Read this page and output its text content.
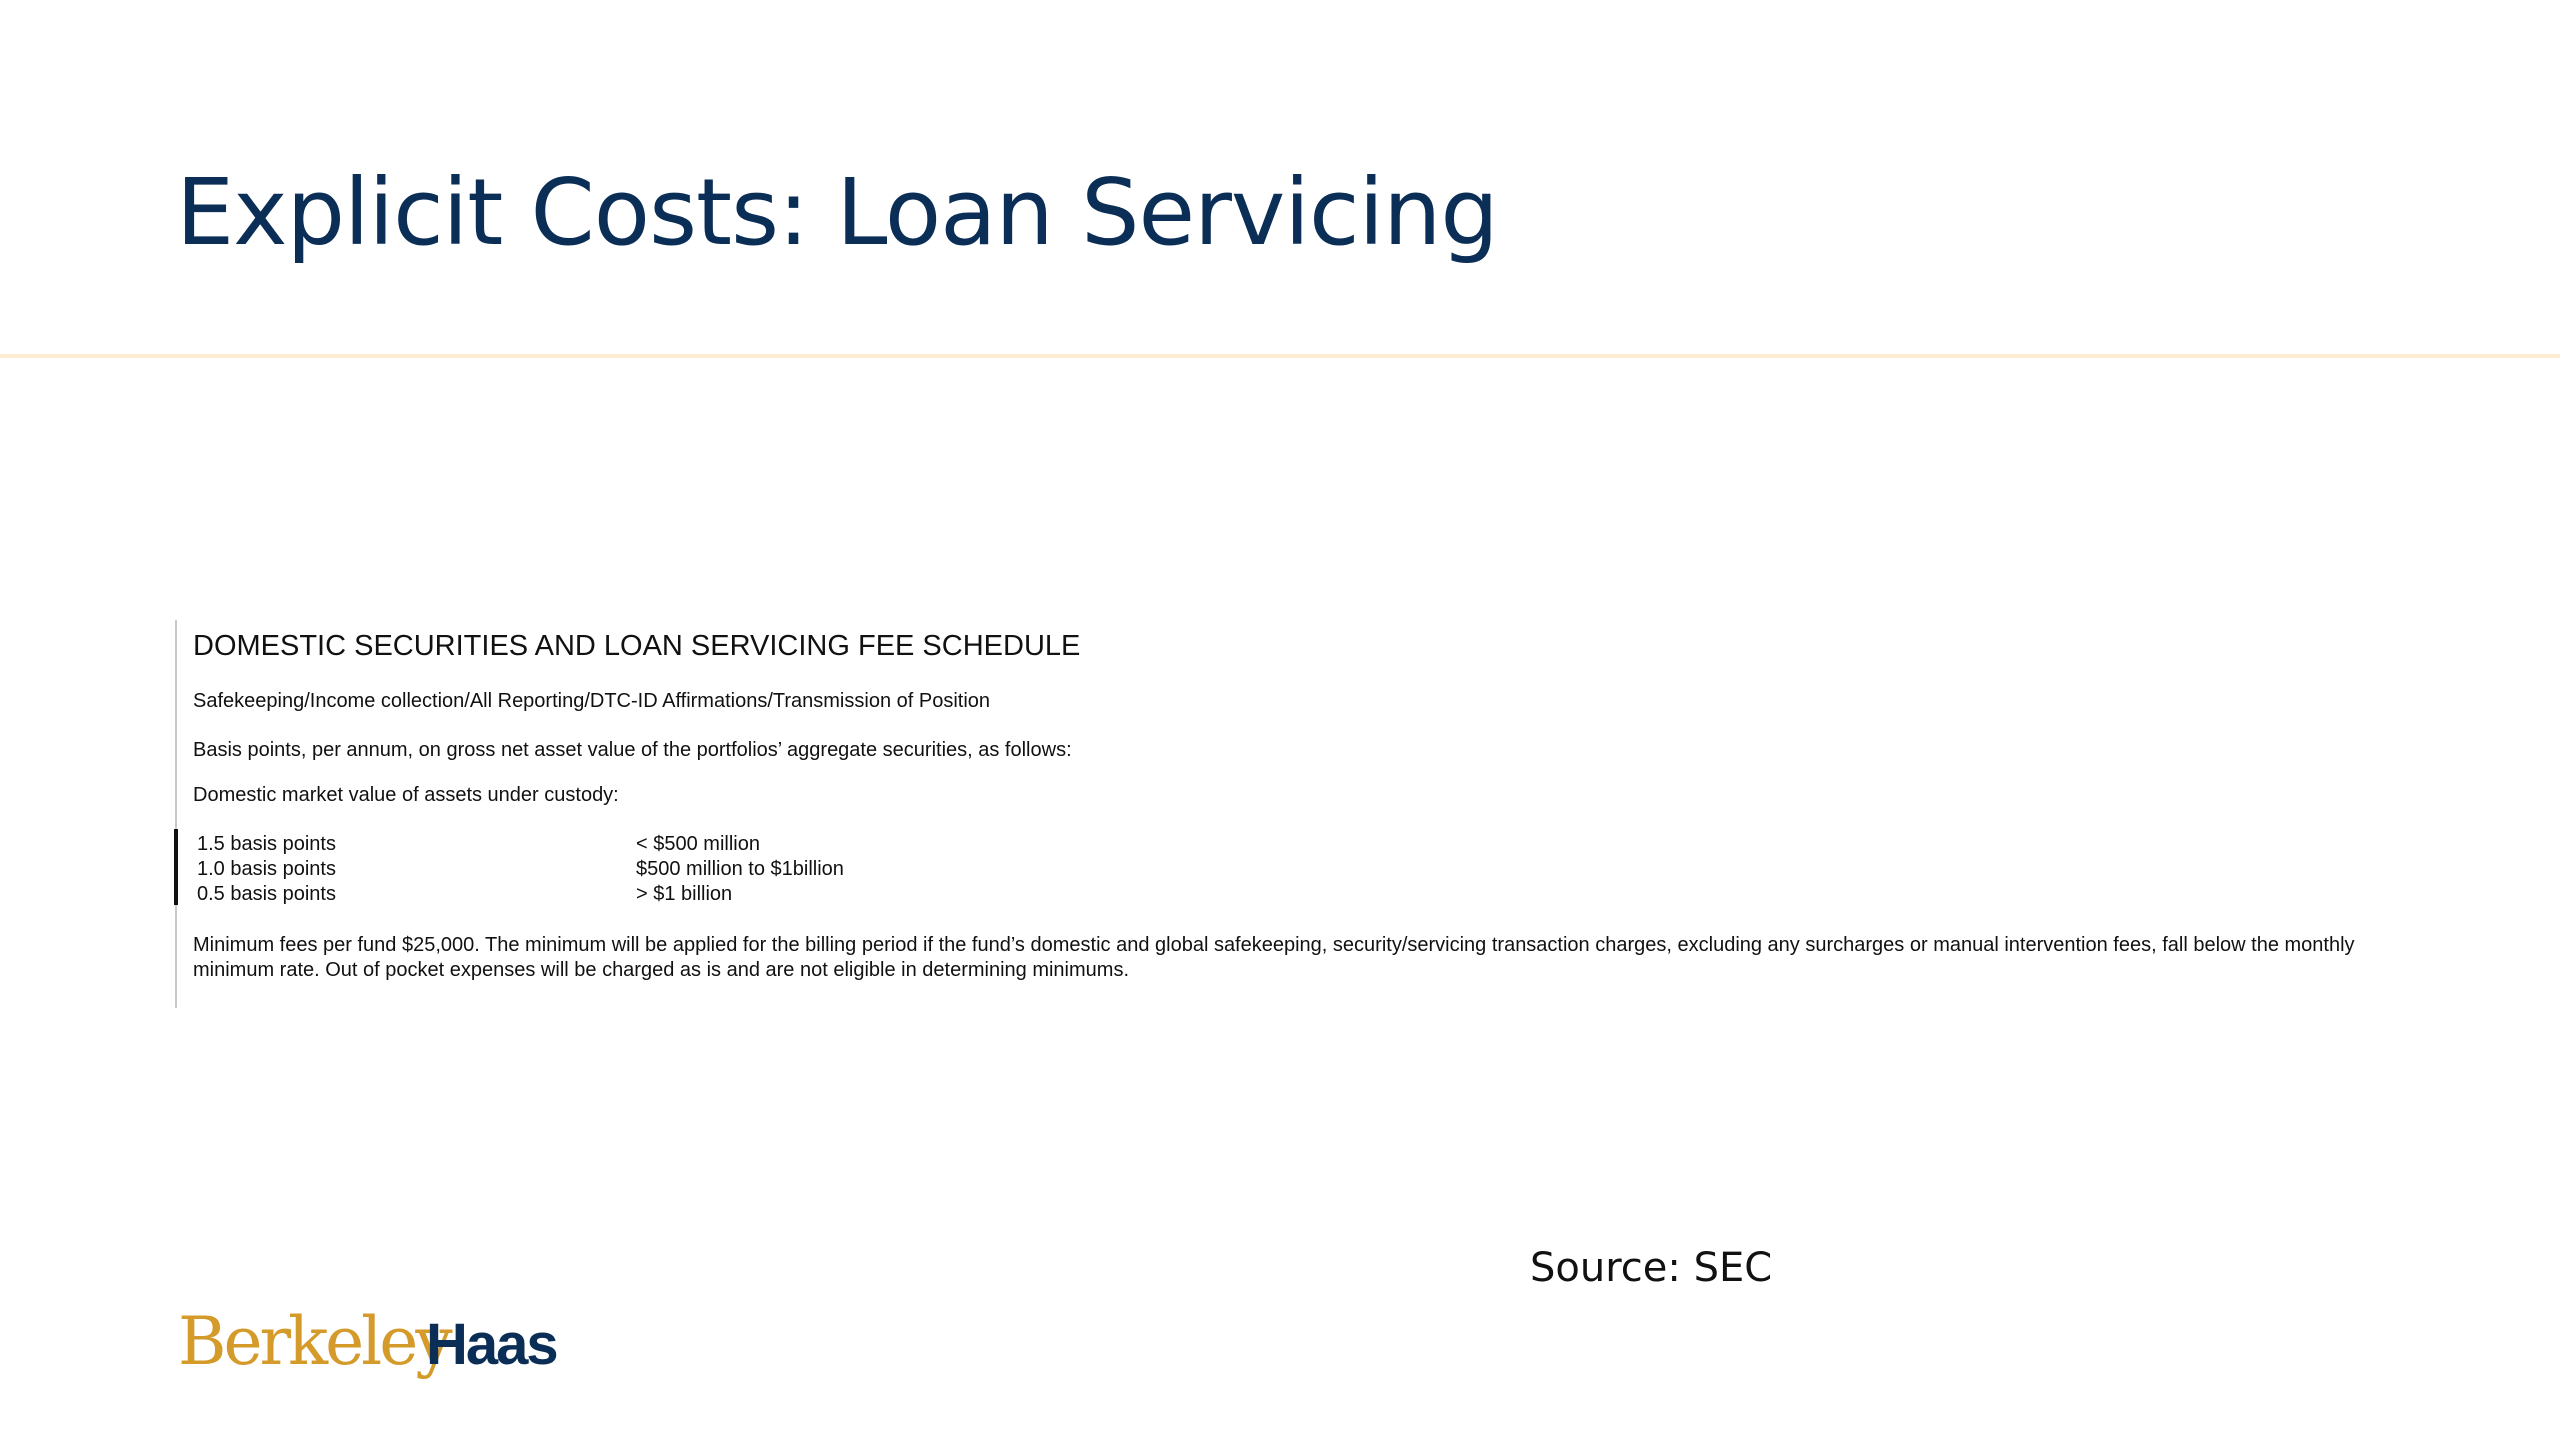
Explicit Costs: Loan Servicing
DOMESTIC SECURITIES AND LOAN SERVICING FEE SCHEDULE

Safekeeping/Income collection/All Reporting/DTC-ID Affirmations/Transmission of Position

Basis points, per annum, on gross net asset value of the portfolios’ aggregate securities, as follows:

Domestic market value of assets under custody:

1.5 basis points	< $500 million
1.0 basis points	$500 million to $1billion
0.5 basis points	> $1 billion

Minimum fees per fund $25,000. The minimum will be applied for the billing period if the fund’s domestic and global safekeeping, security/servicing transaction charges, excluding any surcharges or manual intervention fees, fall below the monthly minimum rate. Out of pocket expenses will be charged as is and are not eligible in determining minimums.

Source: SEC

Berkeley
Haas
